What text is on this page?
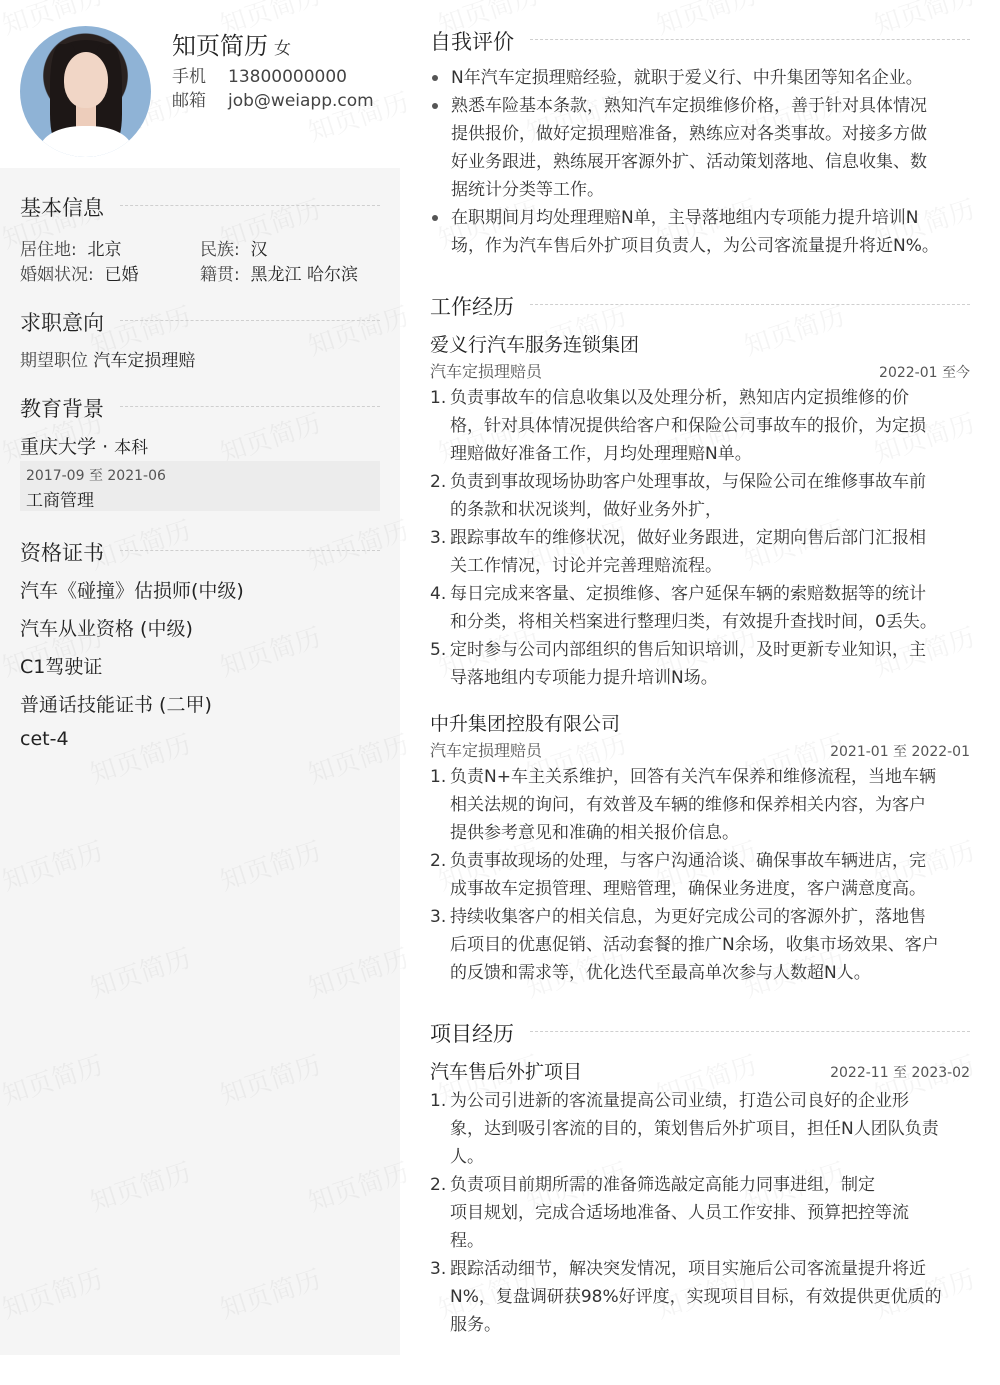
知页简历 女
手机 13800000000
邮箱 job@weiapp.com
基本信息
居住地: 北京	民族: 汉
婚姻状况: 已婚	籍贯: 黑龙江 哈尔滨
求职意向
期望职位 汽车定损理赔
教育背景
重庆大学 · 本科
2017-09 至 2021-06
工商管理
资格证书
汽车《碰撞》估损师(中级)
汽车从业资格 (中级)
C1驾驶证
普通话技能证书 (二甲)
cet-4
自我评价
N年汽车定损理赔经验，就职于爱义行、中升集团等知名企业。
熟悉车险基本条款，熟知汽车定损维修价格，善于针对具体情况
提供报价，做好定损理赔准备，熟练应对各类事故。对接多方做
好业务跟进，熟练展开客源外扩、活动策划落地、信息收集、数
据统计分类等工作。
在职期间月均处理理赔N单，主导落地组内专项能力提升培训N
场，作为汽车售后外扩项目负责人，为公司客流量提升将近N%。
工作经历
爱义行汽车服务连锁集团
汽车定损理赔员	2022-01 至今
1. 负责事故车的信息收集以及处理分析，熟知店内定损维修的价
格，针对具体情况提供给客户和保险公司事故车的报价，为定损
理赔做好准备工作，月均处理理赔N单。
2. 负责到事故现场协助客户处理事故，与保险公司在维修事故车前
的条款和状况谈判，做好业务外扩，
3. 跟踪事故车的维修状况，做好业务跟进，定期向售后部门汇报相
关工作情况，讨论并完善理赔流程。
4. 每日完成来客量、定损维修、客户延保车辆的索赔数据等的统计
和分类，将相关档案进行整理归类，有效提升查找时间，0丢失。
5. 定时参与公司内部组织的售后知识培训，及时更新专业知识，主
导落地组内专项能力提升培训N场。
中升集团控股有限公司
汽车定损理赔员	2021-01 至 2022-01
1. 负责N+车主关系维护，回答有关汽车保养和维修流程，当地车辆
相关法规的询问，有效普及车辆的维修和保养相关内容，为客户
提供参考意见和准确的相关报价信息。
2. 负责事故现场的处理，与客户沟通洽谈、确保事故车辆进店，完
成事故车定损管理、理赔管理，确保业务进度，客户满意度高。
3. 持续收集客户的相关信息，为更好完成公司的客源外扩，落地售
后项目的优惠促销、活动套餐的推广N余场，收集市场效果、客户
的反馈和需求等，优化迭代至最高单次参与人数超N人。
项目经历
汽车售后外扩项目	2022-11 至 2023-02
1. 为公司引进新的客流量提高公司业绩，打造公司良好的企业形
象，达到吸引客流的目的，策划售后外扩项目，担任N人团队负责
人。
2. 负责项目前期所需的准备筛选敲定高能力同事进组，制定
项目规划，完成合适场地准备、人员工作安排、预算把控等流
程。
3. 跟踪活动细节，解决突发情况，项目实施后公司客流量提升将近
N%，复盘调研获98%好评度，实现项目目标，有效提供更优质的
服务。
